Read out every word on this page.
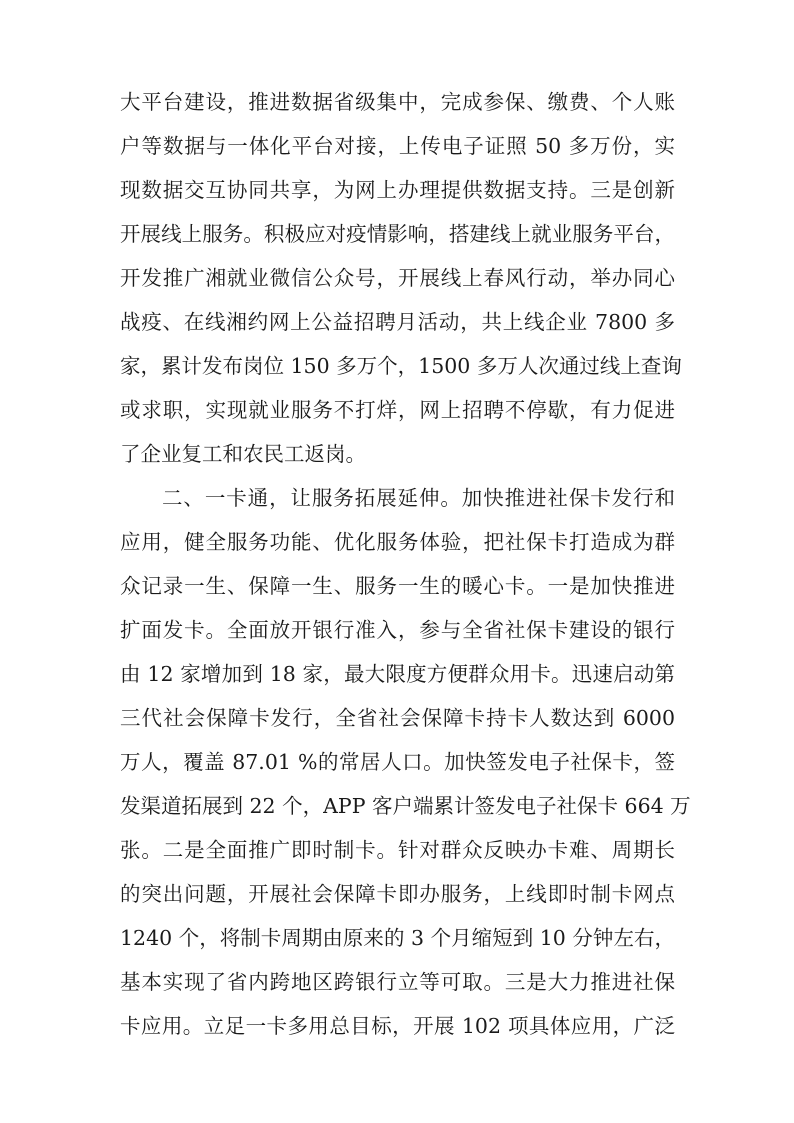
大平台建设，推进数据省级集中，完成参保、缴费、个人账
户等数据与一体化平台对接，上传电子证照 50 多万份，实
现数据交互协同共享，为网上办理提供数据支持。三是创新
开展线上服务。积极应对疫情影响，搭建线上就业服务平台，
开发推广湘就业微信公众号，开展线上春风行动，举办同心
战疫、在线湘约网上公益招聘月活动，共上线企业 7800 多
家，累计发布岗位 150 多万个，1500 多万人次通过线上查询
或求职，实现就业服务不打烊，网上招聘不停歇，有力促进
了企业复工和农民工返岗。
二、一卡通，让服务拓展延伸。加快推进社保卡发行和
应用，健全服务功能、优化服务体验，把社保卡打造成为群
众记录一生、保障一生、服务一生的暖心卡。一是加快推进
扩面发卡。全面放开银行准入，参与全省社保卡建设的银行
由 12 家增加到 18 家，最大限度方便群众用卡。迅速启动第
三代社会保障卡发行，全省社会保障卡持卡人数达到 6000
万人，覆盖 87.01 %的常居人口。加快签发电子社保卡，签
发渠道拓展到 22 个，APP 客户端累计签发电子社保卡 664 万
张。二是全面推广即时制卡。针对群众反映办卡难、周期长
的突出问题，开展社会保障卡即办服务，上线即时制卡网点
1240 个，将制卡周期由原来的 3 个月缩短到 10 分钟左右，
基本实现了省内跨地区跨银行立等可取。三是大力推进社保
卡应用。立足一卡多用总目标，开展 102 项具体应用，广泛
